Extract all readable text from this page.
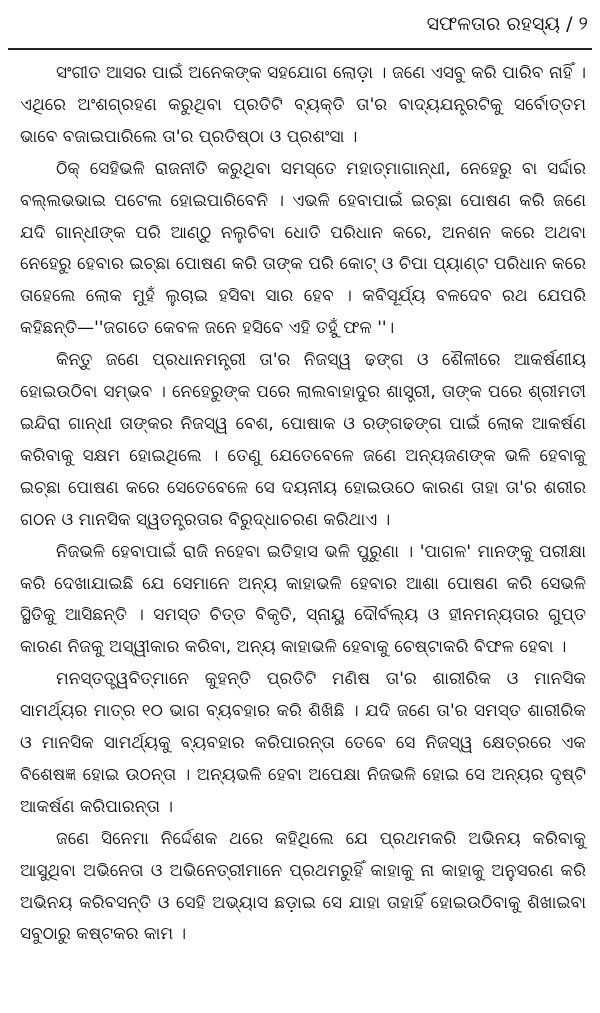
ସଫଳତାର ରହସ୍ୟ / ୨

ସଂଗୀତ ଆସର ପାଇଁ ଅନେକଙ୍କ ସହଯୋଗ ଲୋଡ଼ା । ଜଣେ ଏସବୁ କରି ପାରିବ ନାହିଁ । ଏଥିରେ ଅଂଶଗ୍ରହଣ କରୁଥିବା ପ୍ରତିଟି ବ୍ୟକ୍ତି ତା'ର ବାଦ୍ୟଯନ୍ତ୍ରଟିକୁ ସର୍ବୋତ୍ତମ ଭାବେ ବଜାଇପାରିଲେ ତା'ର ପ୍ରତିଷ୍ଠା ଓ ପ୍ରଶଂସା ।

ଠିକ୍ ସେହିଭଳି ରାଜନୀତି କରୁଥିବା ସମସ୍ତେ ମହାତ୍ମାଗାନ୍ଧୀ, ନେହେରୁ ବା ସର୍ଦ୍ଦାର ବଲ୍ଲଭଭାଇ ପଟେଲ ହୋଇପାରିବେନି । ଏଭଳି ହେବାପାଇଁ ଇଚ୍ଛା ପୋଷଣ କରି ଜଣେ ଯଦି ଗାନ୍ଧୀଙ୍କ ପରି ଆଣ୍ଠୁ ନଲୁଚିବା ଧୋତି ପରିଧାନ କରେ, ଅନଶନ କରେ ଅଥବା ନେହେରୁ ହେବାର ଇଚ୍ଛା ପୋଷଣ କରି ତାଙ୍କ ପରି କୋଟ୍ ଓ ଚିପା ପ୍ୟାଣ୍ଟ ପରିଧାନ କରେ ତାହେଲେ ଲୋକ ମୁହଁ ଲୁଚାଇ ହସିବା ସାର ହେବ । କବିସୂର୍ଯ୍ୟ ବଳଦେବ ରଥ ଯେପରି କହିଛନ୍ତି—''ଜଗତେ କେବଳ ଜନେ ହସିବେ ଏହି ତହୁଁ ଫଳ ''।

କିନ୍ତୁ ଜଣେ ପ୍ରଧାନମନ୍ତ୍ରୀ ତା'ର ନିଜସ୍ୱ ଢଙ୍ଗ ଓ ଶୈଳୀରେ ଆକର୍ଷଣୀୟ ହୋଇଉଠିବା ସମ୍ଭବ । ନେହେରୁଙ୍କ ପରେ ଲାଲବାହାଦୁର ଶାସ୍ତ୍ରୀ, ତାଙ୍କ ପରେ ଶ୍ରୀମତୀ ଇନ୍ଦିରା ଗାନ୍ଧୀ ତାଙ୍କର ନିଜସ୍ୱ ବେଶ, ପୋଷାକ ଓ ରଙ୍ଗଢଙ୍ଗ ପାଇଁ ଲୋକ ଆକର୍ଷଣ କରିବାକୁ ସକ୍ଷମ ହୋଇଥିଲେ । ତେଣୁ ଯେତେବେଳେ ଜଣେ ଅନ୍ୟଜଣଙ୍କ ଭଳି ହେବାକୁ ଇଚ୍ଛା ପୋଷଣ କରେ ସେତେବେଳେ ସେ ଦୟନୀୟ ହୋଇଉଠେ କାରଣ ତାହା ତା'ର ଶରୀର ଗଠନ ଓ ମାନସିକ ସ୍ୱତନ୍ତ୍ରତାର ବିରୁଦ୍ଧାଚରଣ କରିଥାଏ ।

ନିଜଭଳି ହେବାପାଇଁ ରାଜି ନହେବା ଇତିହାସ ଭଳି ପୁରୁଣା । 'ପାଗଳ' ମାନଙ୍କୁ ପରୀକ୍ଷା କରି ଦେଖାଯାଇଛି ଯେ ସେମାନେ ଅନ୍ୟ କାହାଭଳି ହେବାର ଆଶା ପୋଷଣ କରି ସେଭଳି ସ୍ଥିତିକୁ ଆସିଛନ୍ତି । ସମସ୍ତ ଚିତ୍ତ ବିକୃତି, ସ୍ନାୟୁ ଦୌର୍ବଲ୍ୟ ଓ ହୀନମନ୍ୟତାର ଗୁପ୍ତ କାରଣ ନିଜକୁ ଅସ୍ୱୀକାର କରିବା, ଅନ୍ୟ କାହାଭଳି ହେବାକୁ ଚେଷ୍ଟାକରି ବିଫଳ ହେବା ।

ମନସ୍ତତ୍ତ୍ୱବିତ୍‌ମାନେ କୁହନ୍ତି ପ୍ରତିଟି ମଣିଷ ତା'ର ଶାରୀରିକ ଓ ମାନସିକ ସାମର୍ଥ୍ୟର ମାତ୍ର ୧୦ ଭାଗ ବ୍ୟବହାର କରି ଶିଖିଛି । ଯଦି ଜଣେ ତା'ର ସମସ୍ତ ଶାରୀରିକ ଓ ମାନସିକ ସାମର୍ଥ୍ୟକୁ ବ୍ୟବହାର କରିପାରନ୍ତା ତେବେ ସେ ନିଜସ୍ୱ କ୍ଷେତ୍ରରେ ଏକ ବିଶେଷଜ୍ଞ ହୋଇ ଉଠନ୍ତା । ଅନ୍ୟଭଳି ହେବା ଅପେକ୍ଷା ନିଜଭଳି ହୋଇ ସେ ଅନ୍ୟର ଦୃଷ୍ଟି ଆକର୍ଷଣ କରିପାରନ୍ତା ।

ଜଣେ ସିନେମା ନିର୍ଦ୍ଦେଶକ ଥରେ କହିଥିଲେ ଯେ ପ୍ରଥମକରି ଅଭିନୟ କରିବାକୁ ଆସୁଥିବା ଅଭିନେତା ଓ ଅଭିନେତ୍ରୀମାନେ ପ୍ରଥମରୁହିଁ କାହାକୁ ନା କାହାକୁ ଅନୁସରଣ କରି ଅଭିନୟ କରିବସନ୍ତି ଓ ସେହି ଅଭ୍ୟାସ ଛଡ଼ାଇ ସେ ଯାହା ତାହାହିଁ ହୋଇଉଠିବାକୁ ଶିଖାଇବା ସବୁଠାରୁ କଷ୍ଟକର କାମ ।
